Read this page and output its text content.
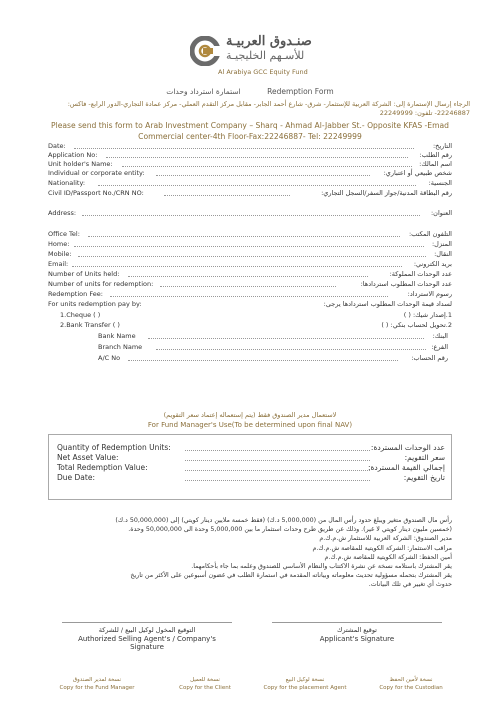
صنـدوق العربيـة
للأسـهم الخليجيـة
Al Arabiya GCC Equity Fund
استمارة استرداد وحدات	Redemption Form
الرجاء إرسال الإستمارة إلى: الشركة العربية للإستثمار- شرق- شارع أحمد الجابر- مقابل مركز التقدم العملي- مركز عمادة التجاري-الدور الرابع- فاكس: 22246887- تلفون: 22249999
Please send this form to Arab Investment Company – Sharq - Ahmad Al-Jabber St.- Opposite KFAS -Emad Commercial center-4th Floor-Fax:22246887- Tel: 22249999
Date:	التاريخ:
Application No:	رقم الطلب:
Unit holder's Name:	اسم المالك:
Individual or corporate entity:	شخص طبيعي أو اعتباري:
Nationality:	الجنسية:
Civil ID/Passport No./CRN NO:	رقم البطاقة المدنية/جواز السفر/السجل التجاري:
Address:	العنوان:
Office Tel:	التلفون المكتب:
Home:	المنزل:
Mobile:	النقال:
Email:	بريد الكتروني:
Number of Units held:	عدد الوحدات المملوكة:
Number of units for redemption:	عدد الوحدات المطلوب استردادها:
Redemption Fee:	رسوم الاسترداد:
For units redemption pay by:	لسداد قيمة الوحدات المطلوب استردادها يرجى:
1.Cheque ( )	1.إصدار شيك: ( )
2.Bank Transfer ( )	2.تحويل لحساب بنكي: ( )
Bank Name	البنك:
Branch Name	الفرع:
A/C No	رقم الحساب:
لاستعمال مدير الصندوق فقط (يتم إستعماله إعتماد سعر التقويم)
For Fund Manager's Use(To be determined upon final NAV)
Quantity of Redemption Units:	عدد الوحدات المستردة:
Net Asset Value:	سعر التقويم:
Total Redemption Value:	إجمالي القيمة المستردة:
Due Date:	تاريخ التقويم:
رأس مال الصندوق متغير ويبلغ حدود رأس المال من (5,000,000 د.ك) (فقط خمسة ملايين دينار كويتي) إلى (50,000,000 د.ك)
(خمسين مليون دينار كويتي لا غير). وذلك عن طريق طرح وحدات استثمار ما بين 5,000,000 وحدة الى 50,000,000 وحدة.
مدير الصندوق: الشركة العربية للاستثمار ش.م.ك.م
مراقب الاستثمار: الشركة الكويتية للمقاصة ش.م.ك.م
أمين الحفظ: الشركة الكويتية للمقاصة ش.م.ك.م
يقر المشترك باستلامه نسخة عن نشرة الاكتتاب والنظام الأساسي للصندوق وعلمه بما جاء بأحكامهما.
يقر المشترك بتحمله مسؤولية تحديث معلوماته وبياناته المقدمة في استمارة الطلب في غضون أسبوعين على الأكثر من تاريخ
حدوث أي تغيير في تلك البيانات.
التوقيع المخول لوكيل البيع / للشركة
Authorized Selling Agent's / Company's Signature
توقيع المشترك
Applicant's Signature
نسخة لمدير الصندوق
Copy for the Fund Manager
نسخة للعميل
Copy for the Client
نسخة لوكيل البيع
Copy for the placement Agent
نسخة لأمين الحفظ
Copy for the Custodian
